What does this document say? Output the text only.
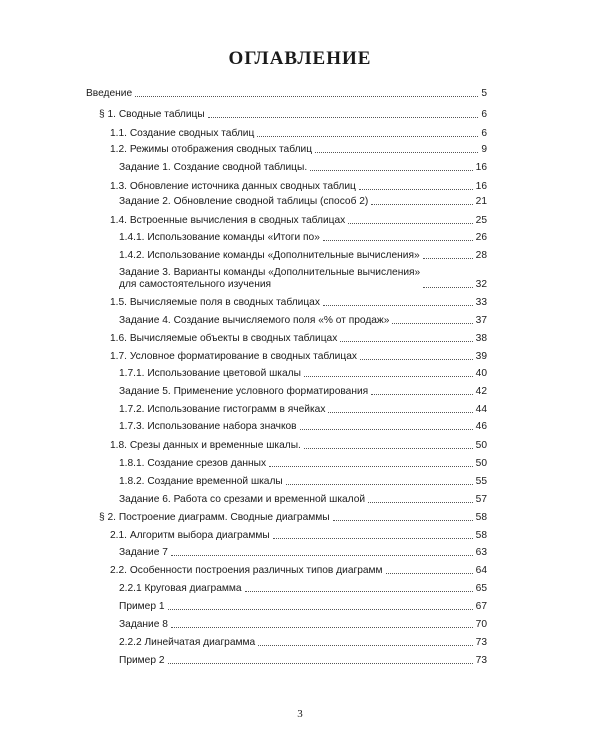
ОГЛАВЛЕНИЕ
Введение	5
§ 1. Сводные таблицы	6
1.1. Создание сводных таблиц	6
1.2. Режимы отображения сводных таблиц	9
Задание 1. Создание сводной таблицы.	16
1.3. Обновление источника данных сводных таблиц	16
Задание 2. Обновление сводной таблицы (способ 2)	21
1.4. Встроенные вычисления в сводных таблицах	25
1.4.1. Использование команды «Итоги по»	26
1.4.2. Использование команды «Дополнительные вычисления»	28
Задание 3. Варианты команды «Дополнительные вычисления»
для самостоятельного изучения	32
1.5. Вычисляемые поля в сводных таблицах	33
Задание 4. Создание вычисляемого поля «% от продаж»	37
1.6. Вычисляемые объекты в сводных таблицах	38
1.7. Условное форматирование в сводных таблицах	39
1.7.1. Использование цветовой шкалы	40
Задание 5. Применение условного форматирования	42
1.7.2. Использование гистограмм в ячейках	44
1.7.3. Использование набора значков	46
1.8. Срезы данных и временные шкалы.	50
1.8.1. Создание срезов данных	50
1.8.2. Создание временной шкалы	55
Задание 6. Работа со срезами и временной шкалой	57
§ 2. Построение диаграмм. Сводные диаграммы	58
2.1. Алгоритм выбора диаграммы	58
Задание 7	63
2.2. Особенности построения различных типов диаграмм	64
2.2.1 Круговая диаграмма	65
Пример 1	67
Задание 8	70
2.2.2 Линейчатая диаграмма	73
Пример 2	73
3
